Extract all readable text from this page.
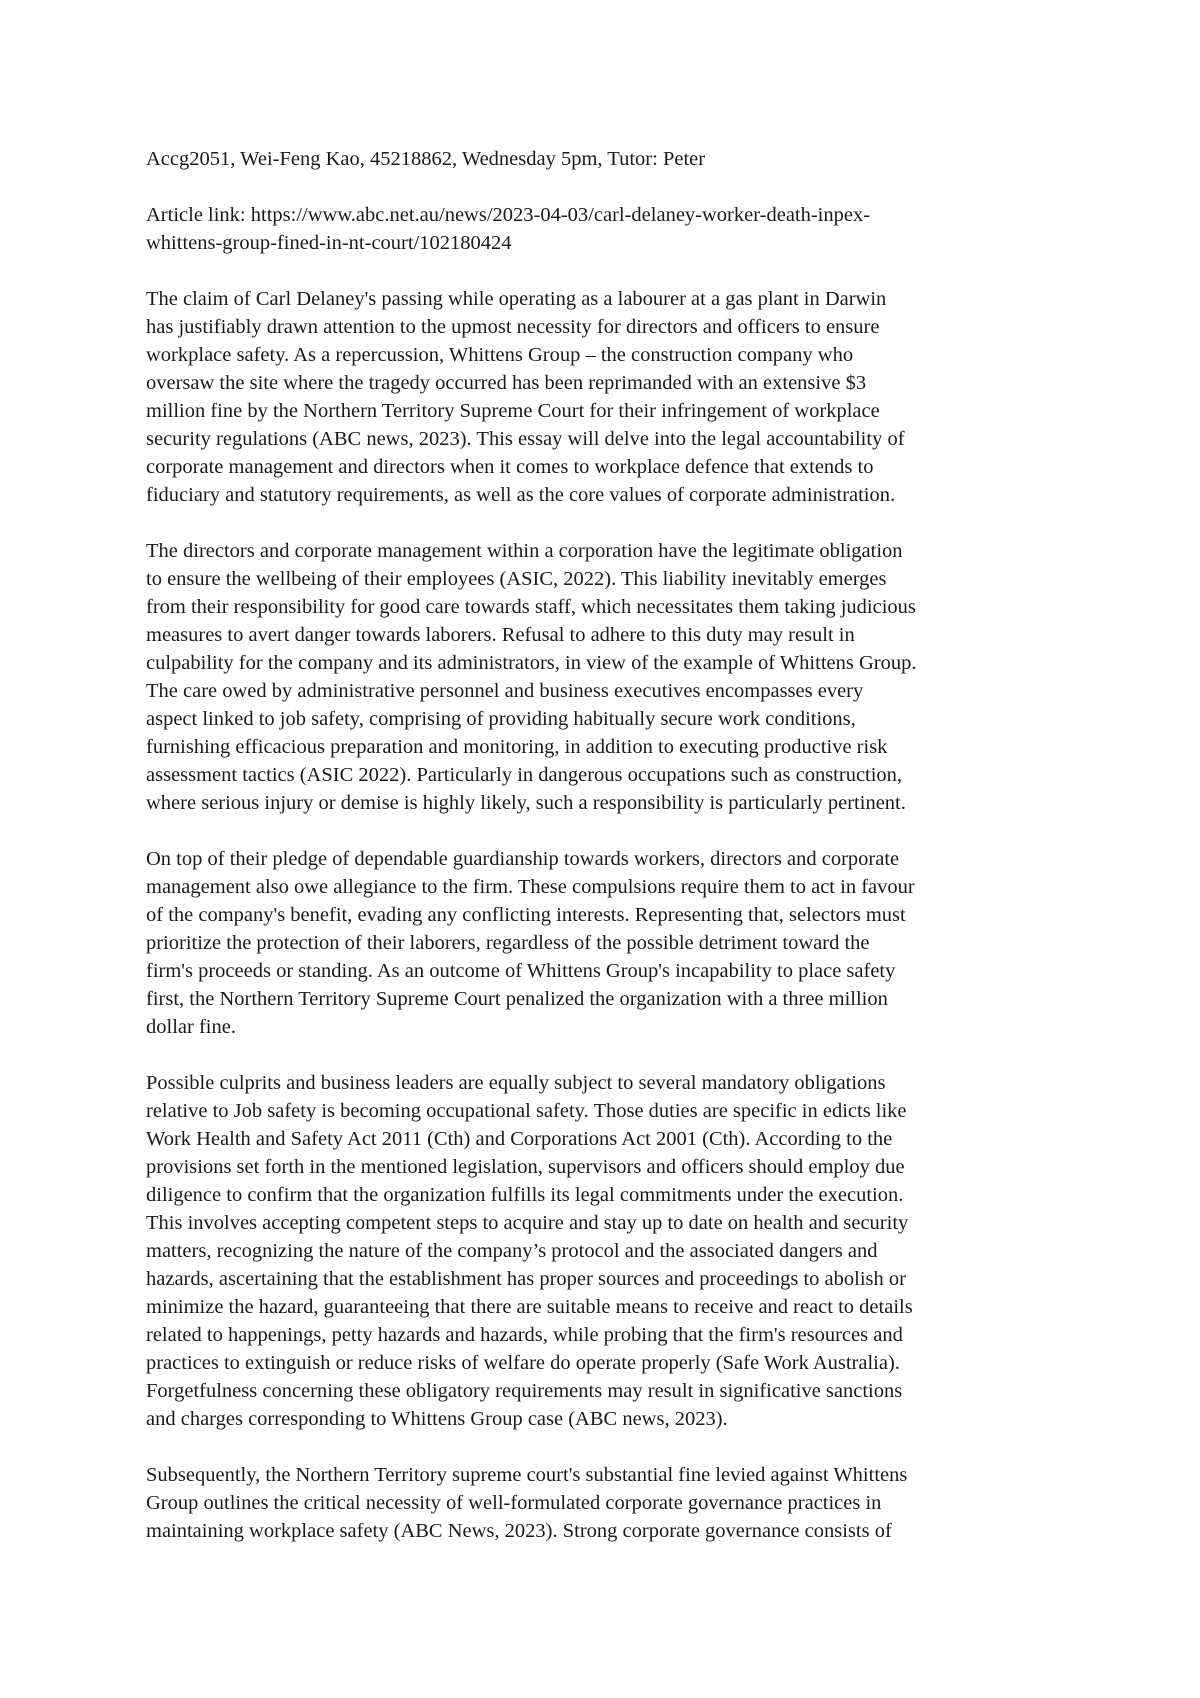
Accg2051, Wei-Feng Kao, 45218862, Wednesday 5pm, Tutor: Peter

Article link: https://www.abc.net.au/news/2023-04-03/carl-delaney-worker-death-inpex-
whittens-group-fined-in-nt-court/102180424
The claim of Carl Delaney's passing while operating as a labourer at a gas plant in Darwin
has justifiably drawn attention to the upmost necessity for directors and officers to ensure
workplace safety. As a repercussion, Whittens Group – the construction company who
oversaw the site where the tragedy occurred has been reprimanded with an extensive $3
million fine by the Northern Territory Supreme Court for their infringement of workplace
security regulations (ABC news, 2023). This essay will delve into the legal accountability of
corporate management and directors when it comes to workplace defence that extends to
fiduciary and statutory requirements, as well as the core values of corporate administration.
The directors and corporate management within a corporation have the legitimate obligation
to ensure the wellbeing of their employees (ASIC, 2022). This liability inevitably emerges
from their responsibility for good care towards staff, which necessitates them taking judicious
measures to avert danger towards laborers. Refusal to adhere to this duty may result in
culpability for the company and its administrators, in view of the example of Whittens Group.
The care owed by administrative personnel and business executives encompasses every
aspect linked to job safety, comprising of providing habitually secure work conditions,
furnishing efficacious preparation and monitoring, in addition to executing productive risk
assessment tactics (ASIC 2022). Particularly in dangerous occupations such as construction,
where serious injury or demise is highly likely, such a responsibility is particularly pertinent.
On top of their pledge of dependable guardianship towards workers, directors and corporate
management also owe allegiance to the firm. These compulsions require them to act in favour
of the company's benefit, evading any conflicting interests. Representing that, selectors must
prioritize the protection of their laborers, regardless of the possible detriment toward the
firm's proceeds or standing. As an outcome of Whittens Group's incapability to place safety
first, the Northern Territory Supreme Court penalized the organization with a three million
dollar fine.
Possible culprits and business leaders are equally subject to several mandatory obligations
relative to Job safety is becoming occupational safety. Those duties are specific in edicts like
Work Health and Safety Act 2011 (Cth) and Corporations Act 2001 (Cth). According to the
provisions set forth in the mentioned legislation, supervisors and officers should employ due
diligence to confirm that the organization fulfills its legal commitments under the execution.
This involves accepting competent steps to acquire and stay up to date on health and security
matters, recognizing the nature of the company’s protocol and the associated dangers and
hazards, ascertaining that the establishment has proper sources and proceedings to abolish or
minimize the hazard, guaranteeing that there are suitable means to receive and react to details
related to happenings, petty hazards and hazards, while probing that the firm's resources and
practices to extinguish or reduce risks of welfare do operate properly (Safe Work Australia).
Forgetfulness concerning these obligatory requirements may result in significative sanctions
and charges corresponding to Whittens Group case (ABC news, 2023).
Subsequently, the Northern Territory supreme court's substantial fine levied against Whittens
Group outlines the critical necessity of well-formulated corporate governance practices in
maintaining workplace safety (ABC News, 2023). Strong corporate governance consists of
